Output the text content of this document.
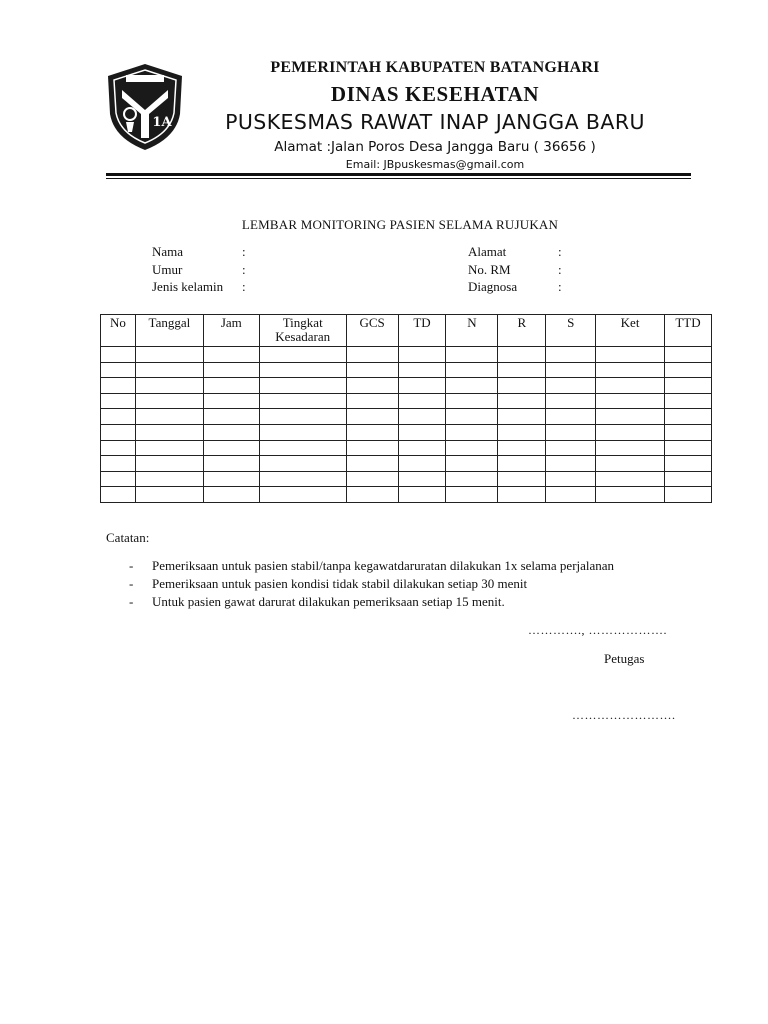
1A
PEMERINTAH KABUPATEN BATANGHARI
DINAS KESEHATAN
PUSKESMAS RAWAT INAP JANGGA BARU
Alamat :Jalan Poros Desa Jangga Baru ( 36656 )
Email: JBpuskesmas@gmail.com
LEMBAR MONITORING PASIEN SELAMA RUJUKAN
Nama	:
Umur	:
Jenis kelamin :
Alamat	:
No. RM	:
Diagnosa	:
No	Tanggal	Jam	Tingkat Kesadaran	GCS	TD	N	R	S	Ket	TTD

Catatan:
- Pemeriksaan untuk pasien stabil/tanpa kegawatdaruratan dilakukan 1x selama perjalanan
- Pemeriksaan untuk pasien kondisi tidak stabil dilakukan setiap 30 menit
- Untuk pasien gawat darurat dilakukan pemeriksaan setiap 15 menit.
…………., ……………….
Petugas
…………………….
